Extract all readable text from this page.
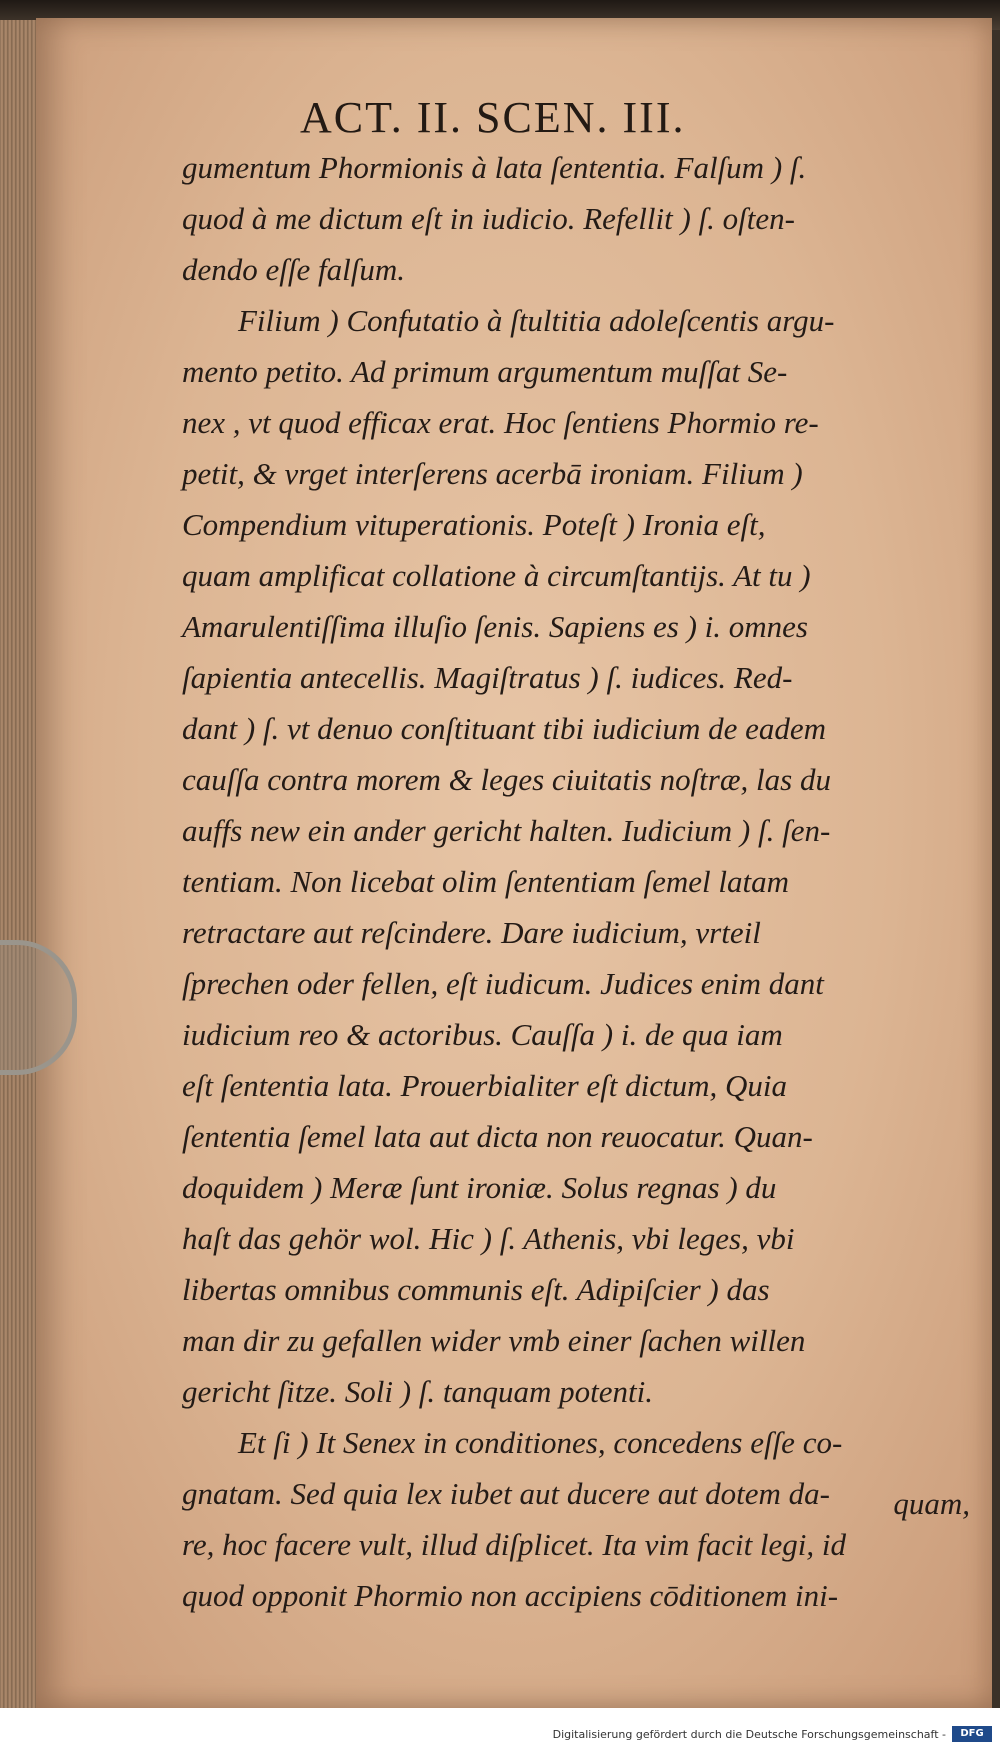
ACT. II. SCEN. III.
gumentum Phormionis à lata ſententia. Falſum ) ſ.
quod à me dictum eſt in iudicio. Refellit ) ſ. oſten-
dendo eſſe falſum.
Filium ) Confutatio à ſtultitia adoleſcentis argu-
mento petito. Ad primum argumentum muſſat Se-
nex , vt quod efficax erat. Hoc ſentiens Phormio re-
petit, & vrget interſerens acerbā ironiam. Filium )
Compendium vituperationis. Poteſt ) Ironia eſt,
quam amplificat collatione à circumſtantijs. At tu )
Amarulentiſſima illuſio ſenis. Sapiens es ) i. omnes
ſapientia antecellis. Magiſtratus ) ſ. iudices. Red-
dant ) ſ. vt denuo conſtituant tibi iudicium de eadem
cauſſa contra morem & leges ciuitatis noſtræ, las du
auffs new ein ander gericht halten. Iudicium ) ſ. ſen-
tentiam. Non licebat olim ſententiam ſemel latam
retractare aut reſcindere. Dare iudicium, vrteil
ſprechen oder fellen, eſt iudicum. Judices enim dant
iudicium reo & actoribus. Cauſſa ) i. de qua iam
eſt ſententia lata. Prouerbialiter eſt dictum, Quia
ſententia ſemel lata aut dicta non reuocatur. Quan-
doquidem ) Meræ ſunt ironiæ. Solus regnas ) du
haſt das gehör wol. Hic ) ſ. Athenis, vbi leges, vbi
libertas omnibus communis eſt. Adipiſcier ) das
man dir zu gefallen wider vmb einer ſachen willen
gericht ſitze. Soli ) ſ. tanquam potenti.
Et ſi ) It Senex in conditiones, concedens eſſe co-
gnatam. Sed quia lex iubet aut ducere aut dotem da-
re, hoc facere vult, illud diſplicet. Ita vim facit legi, id
quod opponit Phormio non accipiens cōditionem ini-
quam,
Digitalisierung gefördert durch die Deutsche Forschungsgemeinschaft -	DFG
